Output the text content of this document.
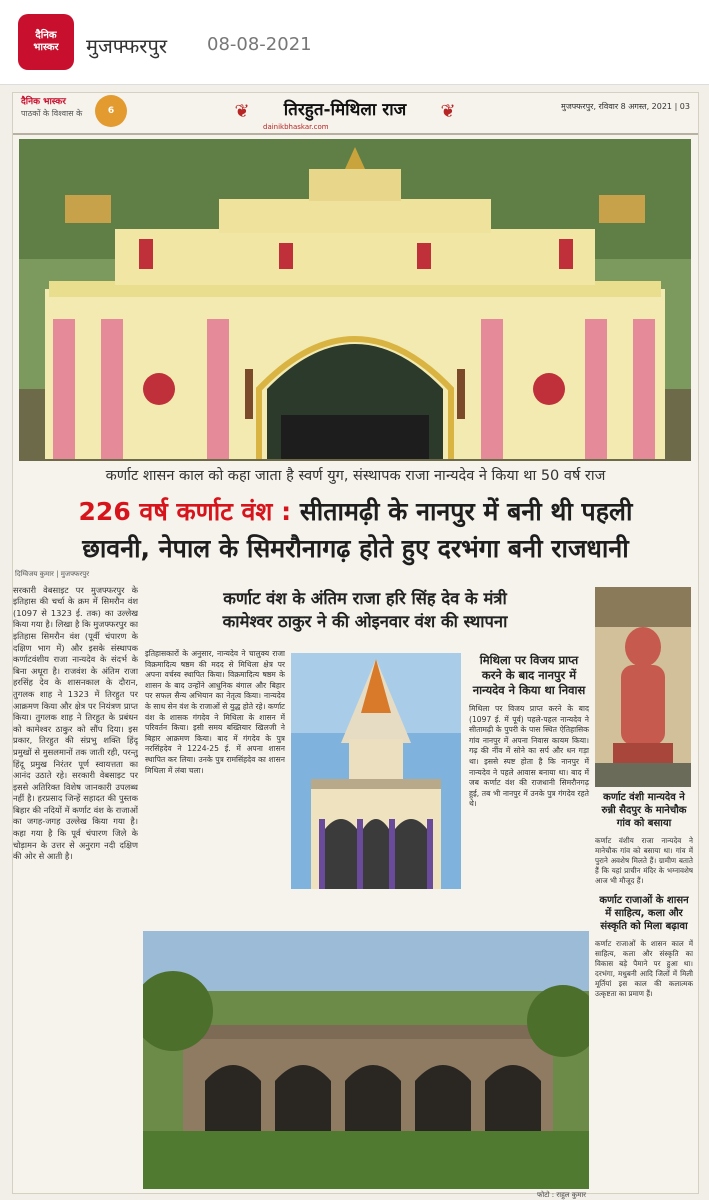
दैनिक
भास्कर मुजफ्फरपुर 08-08-2021
दैनिक भास्कर
पाठकों के विश्वास के	6	❦	तिरहुत-मिथिला राज	❦
dainikbhaskar.com
मुजफ्फरपुर, रविवार 8 अगस्त, 2021 | 03
कर्णाट शासन काल को कहा जाता है स्वर्ण युग, संस्थापक राजा नान्यदेव ने किया था 50 वर्ष राज
226 वर्ष कर्णाट वंश : सीतामढ़ी के नानपुर में बनी थी पहली
छावनी, नेपाल के सिमरौनागढ़ होते हुए दरभंगा बनी राजधानी
दिग्विजय कुमार | मुजफ्फरपुर
सरकारी वेबसाइट पर मुजफ्फरपुर के इतिहास की चर्चा के क्रम में सिमरौन वंश (1097 से 1323 ई. तक) का उल्लेख किया गया है। लिखा है कि मुजफ्फरपुर का इतिहास सिमरौन वंश (पूर्वी चंपारण के दक्षिण भाग में) और इसके संस्थापक कर्णाटवंशीय राजा नान्यदेव के संदर्भ के बिना अधूरा है। राजवंश के अंतिम राजा हरसिंह देव के शासनकाल के दौरान, तुगलक शाह ने 1323 में तिरहुत पर आक्रमण किया और क्षेत्र पर नियंत्रण प्राप्त किया। तुगलक शाह ने तिरहुत के प्रबंधन को कामेश्वर ठाकुर को सौंप दिया। इस प्रकार, तिरहुत की संप्रभु शक्ति हिंदू प्रमुखों से मुसलमानों तक जाती रही, परन्तु हिंदू प्रमुख निरंतर पूर्ण स्वायत्तता का आनंद उठाते रहे। सरकारी वेबसाइट पर इससे अतिरिक्त विशेष जानकारी उपलब्ध नहीं है। हरप्रसाद जिन्हें सहादत की पुस्तक बिहार की नदियों में कर्णाट वंश के राजाओं का जगह-जगह उल्लेख किया गया है। कहा गया है कि पूर्व चंपारण जिले के चोड़ामन के उत्तर से अनुराग नदी दक्षिण की ओर से आती है।
कर्णाट वंश के अंतिम राजा हरि सिंह देव के मंत्री
कामेश्वर ठाकुर ने की ओइनवार वंश की स्थापना
इतिहासकारों के अनुसार, नान्यदेव ने चालुक्य राजा विक्रमादित्य षष्ठम की मदद से मिथिला क्षेत्र पर अपना वर्चस्व स्थापित किया। विक्रमादित्य षष्ठम के शासन के बाद उन्होंने आधुनिक बंगाल और बिहार पर सफल सैन्य अभियान का नेतृत्व किया। नान्यदेव के साथ सेन वंश के राजाओं से युद्ध होते रहे। कर्णाट वंश के शासक गंगदेव ने मिथिला के शासन में परिवर्तन किया। इसी समय बख्तियार खिलजी ने बिहार आक्रमण किया। बाद में गंगदेव के पुत्र नरसिंहदेव ने 1224-25 ई. में अपना शासन स्थापित कर लिया। उनके पुत्र रामसिंहदेव का शासन मिथिला में लंबा चला।
मिथिला पर विजय प्राप्त करने के बाद नानपुर में नान्यदेव ने किया था निवास
मिथिला पर विजय प्राप्त करने के बाद (1097 ई. में पूर्व) पहले-पहल नान्यदेव ने सीतामढ़ी के पुपरी के पास स्थित ऐतिहासिक गांव नानपुर में अपना निवास कायम किया। गढ़ की नींव में सोने का सर्प और धन गड़ा था। इससे स्पष्ट होता है कि नानपुर में नान्यदेव ने पहले आवास बनाया था। बाद में जब कर्णाट वंश की राजधानी सिमरौनगढ़ हुई, तब भी नानपुर में उनके पुत्र गंगदेव रहते थे।
फोटो : राहुल कुमार
कर्णाट वंशी मान्यदेव ने रुन्नी सैदपुर के मानेचौक गांव को बसाया
कर्णाट वंशीय राजा नान्यदेव ने मानेचौक गांव को बसाया था। गांव में पुराने अवशेष मिलते हैं। ग्रामीण बताते हैं कि यहां प्राचीन मंदिर के भग्नावशेष आज भी मौजूद हैं।
कर्णाट राजाओं के शासन में साहित्य, कला और संस्कृति को मिला बढ़ावा
कर्णाट राजाओं के शासन काल में साहित्य, कला और संस्कृति का विकास बड़े पैमाने पर हुआ था। दरभंगा, मधुबनी आदि जिलों में मिली मूर्तियां इस काल की कलात्मक उत्कृष्टता का प्रमाण हैं।
